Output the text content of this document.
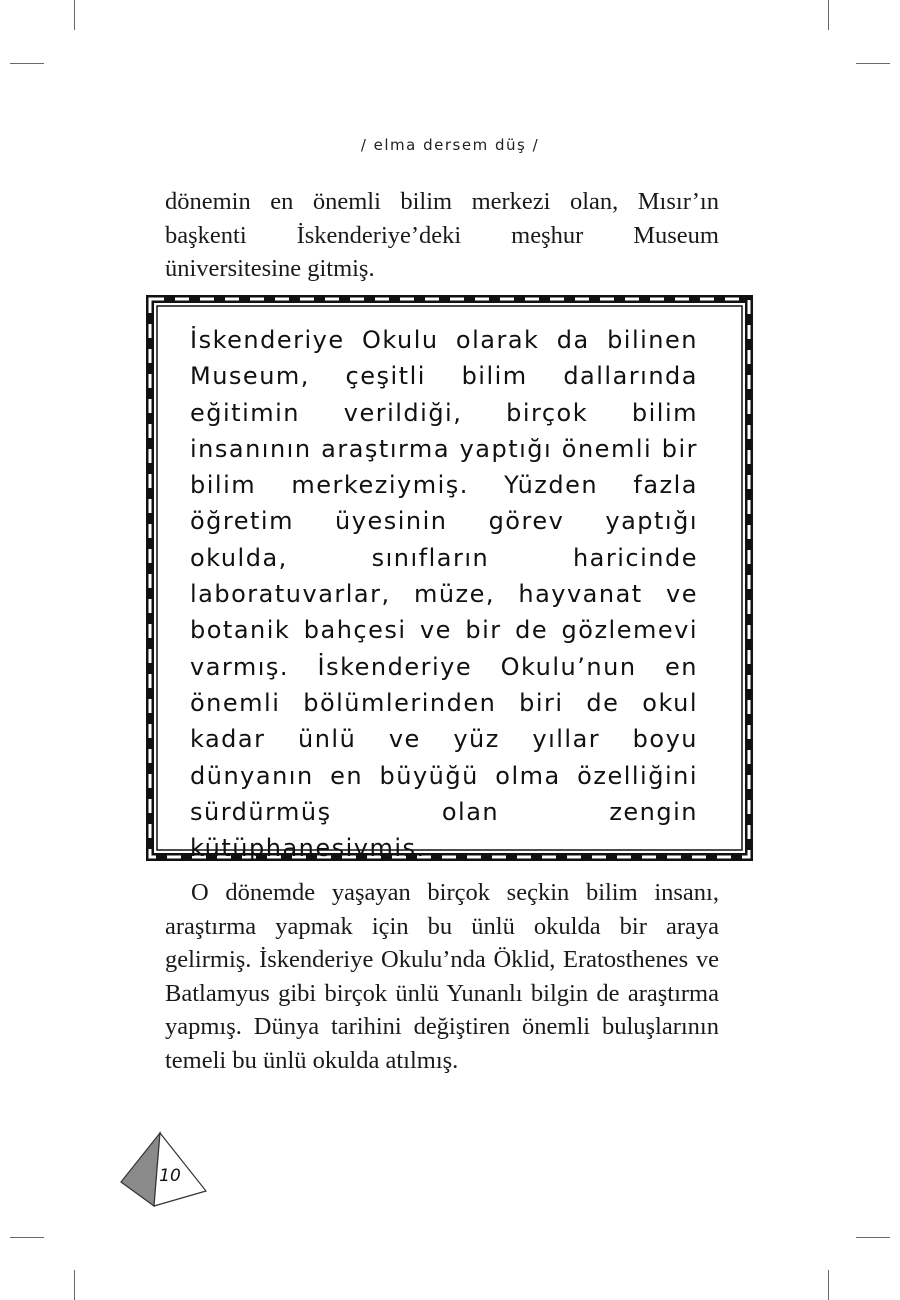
/ elma dersem düş /

dönemin en önemli bilim merkezi olan, Mısır’ın başkenti İskenderiye’deki meşhur Museum üniversitesine gitmiş.

İskenderiye Okulu olarak da bilinen Museum, çeşitli bilim dallarında eğitimin verildiği, birçok bilim insanının araştırma yaptığı önemli bir bilim merkeziymiş. Yüzden fazla öğretim üyesinin görev yaptığı okulda, sınıfların haricinde laboratuvarlar, müze, hayvanat ve botanik bahçesi ve bir de gözlemevi varmış. İskenderiye Okulu’nun en önemli bölümlerinden biri de okul kadar ünlü ve yüz yıllar boyu dünyanın en büyüğü olma özelliğini sürdürmüş olan zengin kütüphanesiymiş.

O dönemde yaşayan birçok seçkin bilim insanı, araştırma yapmak için bu ünlü okulda bir araya gelirmiş. İskenderiye Okulu’nda Öklid, Eratosthenes ve Batlamyus gibi birçok ünlü Yunanlı bilgin de araştırma yapmış. Dünya tarihini değiştiren önemli buluşlarının temeli bu ünlü okulda atılmış.

10
